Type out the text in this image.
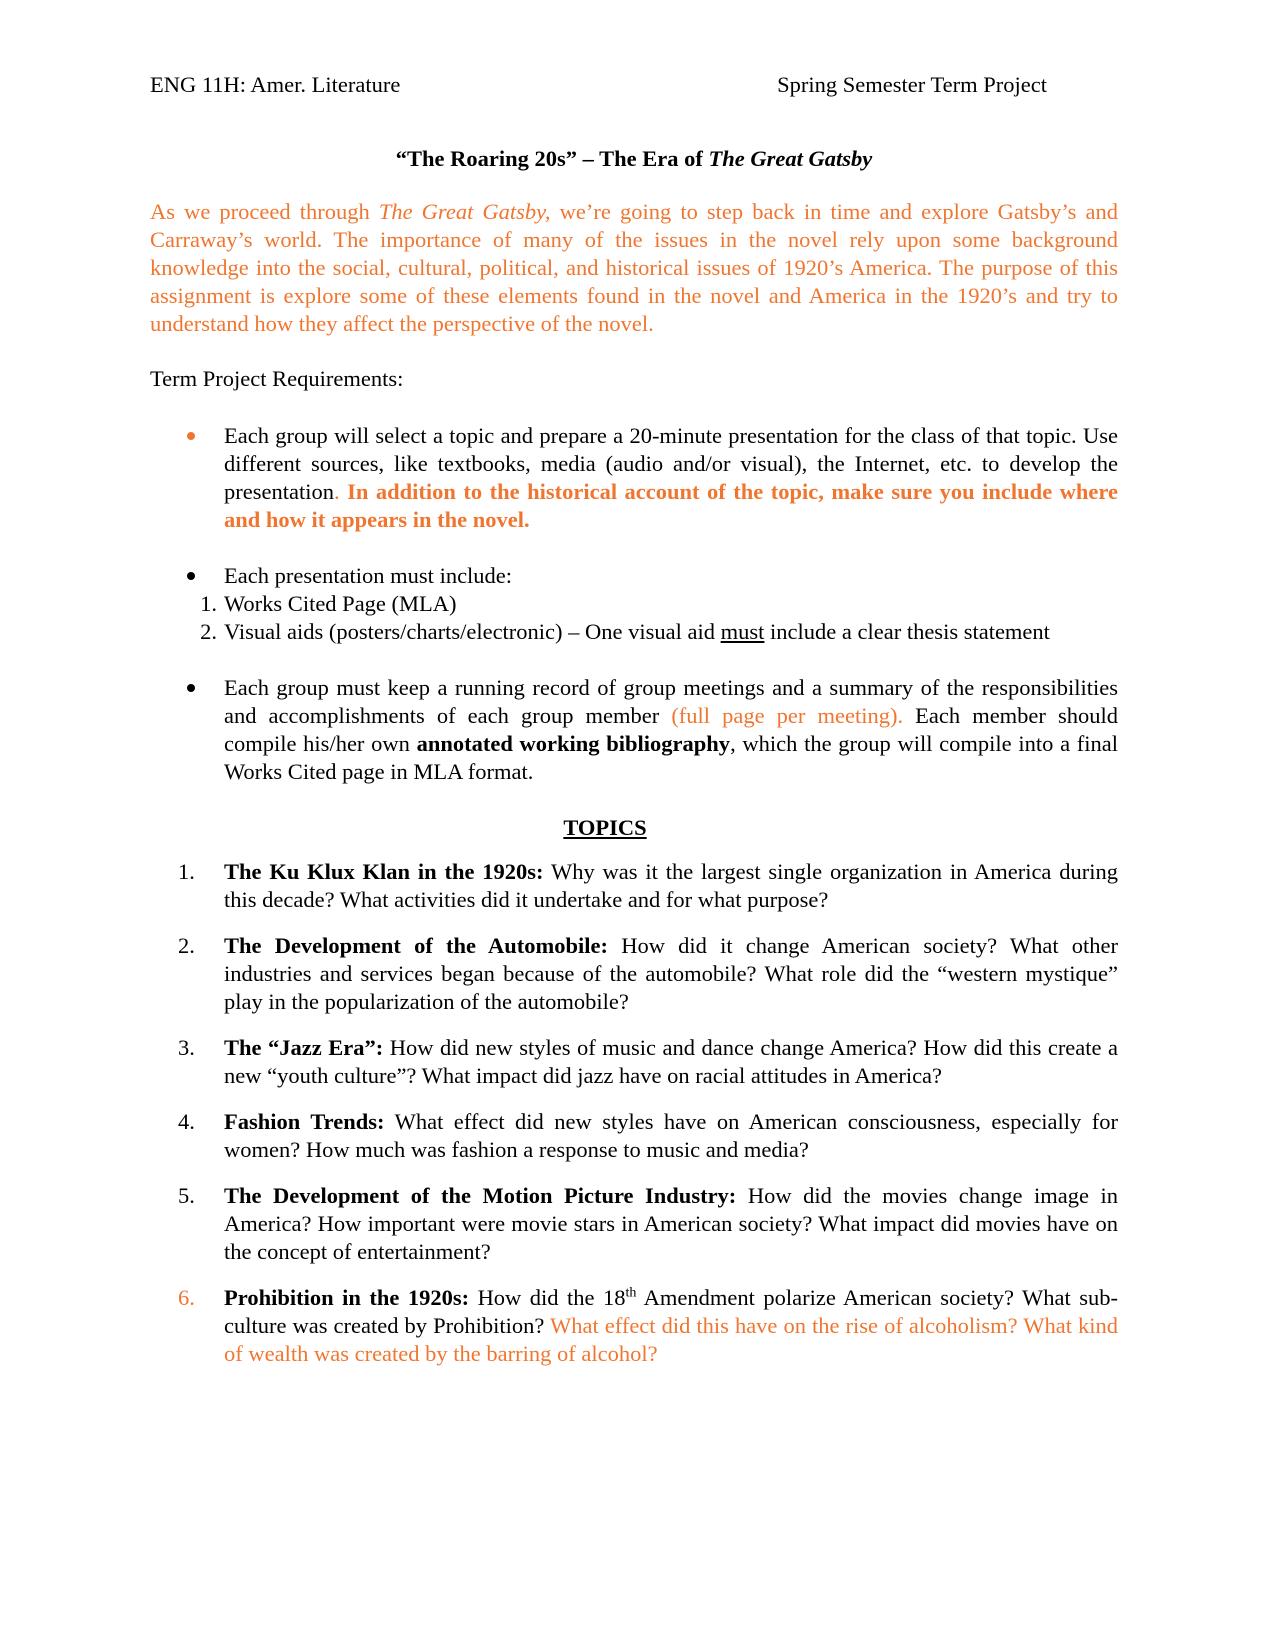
ENG 11H: Amer. Literature	Spring Semester Term Project
“The Roaring 20s” – The Era of The Great Gatsby
As we proceed through The Great Gatsby, we’re going to step back in time and explore Gatsby’s and Carraway’s world. The importance of many of the issues in the novel rely upon some background knowledge into the social, cultural, political, and historical issues of 1920’s America. The purpose of this assignment is explore some of these elements found in the novel and America in the 1920’s and try to understand how they affect the perspective of the novel.
Term Project Requirements:
Each group will select a topic and prepare a 20-minute presentation for the class of that topic. Use different sources, like textbooks, media (audio and/or visual), the Internet, etc. to develop the presentation. In addition to the historical account of the topic, make sure you include where and how it appears in the novel.
Each presentation must include:
1. Works Cited Page (MLA)
2. Visual aids (posters/charts/electronic) – One visual aid must include a clear thesis statement
Each group must keep a running record of group meetings and a summary of the responsibilities and accomplishments of each group member (full page per meeting). Each member should compile his/her own annotated working bibliography, which the group will compile into a final Works Cited page in MLA format.
TOPICS
1.	The Ku Klux Klan in the 1920s: Why was it the largest single organization in America during this decade? What activities did it undertake and for what purpose?
2.	The Development of the Automobile: How did it change American society? What other industries and services began because of the automobile? What role did the “western mystique” play in the popularization of the automobile?
3.	The “Jazz Era”: How did new styles of music and dance change America? How did this create a new “youth culture”? What impact did jazz have on racial attitudes in America?
4.	Fashion Trends: What effect did new styles have on American consciousness, especially for women? How much was fashion a response to music and media?
5.	The Development of the Motion Picture Industry: How did the movies change image in America? How important were movie stars in American society? What impact did movies have on the concept of entertainment?
6.	Prohibition in the 1920s: How did the 18th Amendment polarize American society? What sub-culture was created by Prohibition? What effect did this have on the rise of alcoholism? What kind of wealth was created by the barring of alcohol?
